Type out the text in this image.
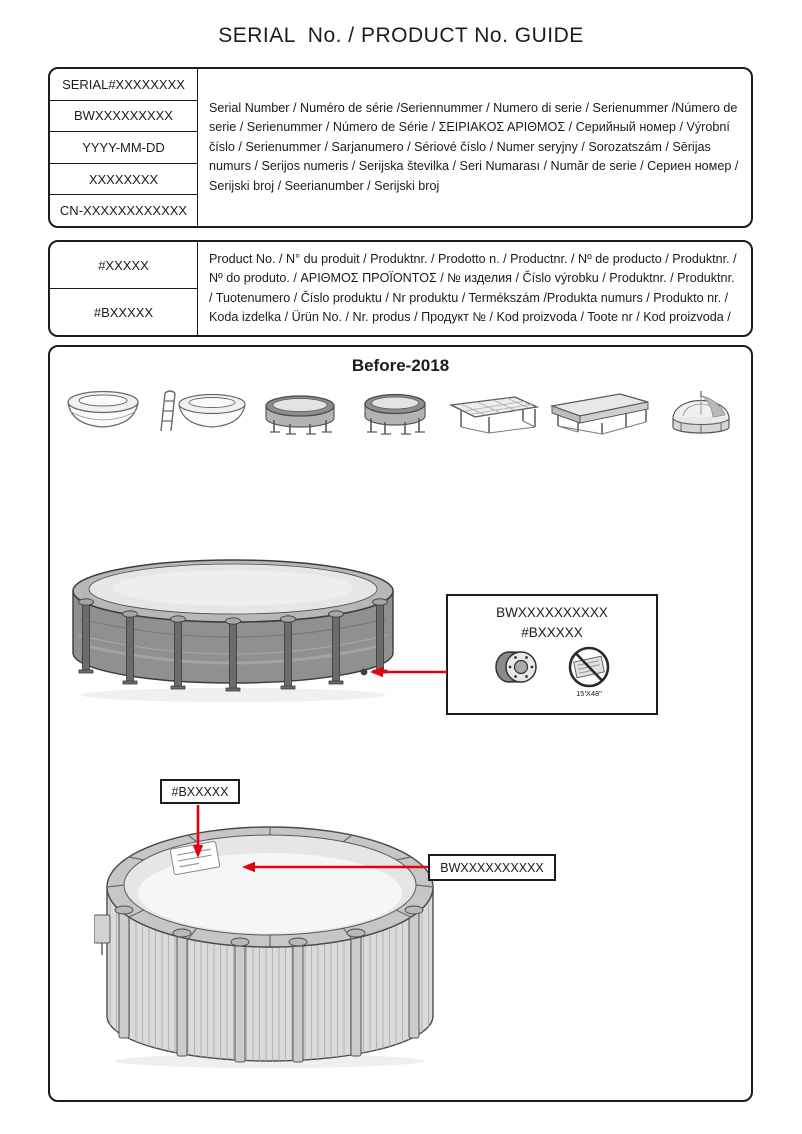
SERIAL  No. / PRODUCT No. GUIDE
SERIAL#XXXXXXXX
BWXXXXXXXXX
YYYY-MM-DD
XXXXXXXX
CN-XXXXXXXXXXXX
Serial Number / Numéro de série /Seriennummer / Numero di serie / Serienummer /Número de serie / Serienummer / Número de Série / ΣΕΙΡΙΑΚΟΣ ΑΡΙΘΜΟΣ / Серийный номер / Výrobní číslo / Serienummer / Sarjanumero / Sériové číslo / Numer seryjny / Sorozatszám / Sērijas numurs / Serijos numeris / Serijska številka / Seri Numarası / Număr de serie / Сериен номер / Serijski broj / Seerianumber / Serijski broj
#XXXXX
#BXXXXX
Product No. / N° du produit / Produktnr. / Prodotto n. / Productnr. / Nº de producto / Produktnr. / Nº do produto. / ΑΡΙΘΜΟΣ ΠΡΟΪΟΝΤΟΣ / № изделия / Číslo výrobku / Produktnr. / Produktnr. / Tuotenumero / Číslo produktu / Nr produktu / Termékszám /Produkta numurs / Produkto nr. / Koda izdelka / Ürün No. / Nr. produs / Продукт № / Kod proizvoda / Toote nr / Kod proizvoda /
Before-2018
BWXXXXXXXXXX
#BXXXXX
15'X48"
#BXXXXX
BWXXXXXXXXXX
